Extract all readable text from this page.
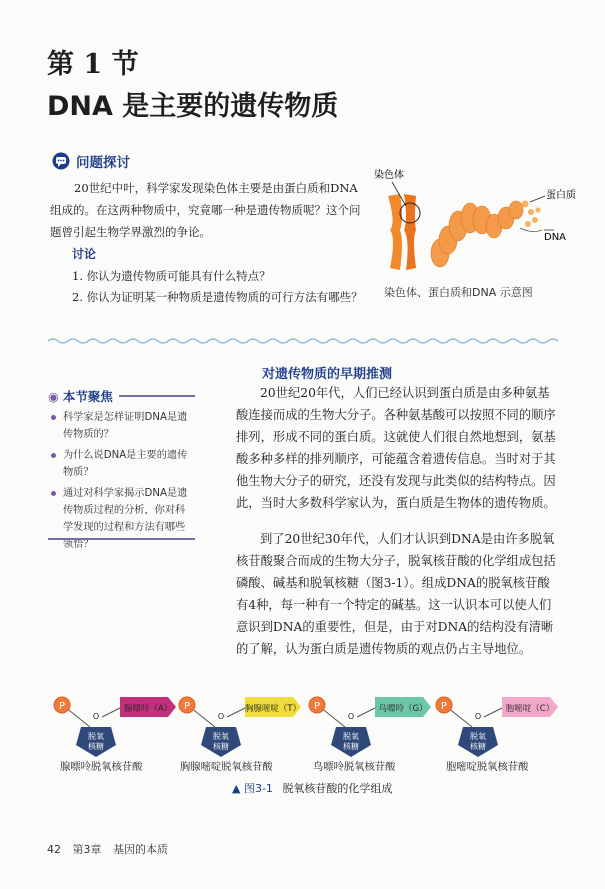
第 1 节
DNA 是主要的遗传物质
问题探讨
20世纪中叶，科学家发现染色体主要是由蛋白质和DNA组成的。在这两种物质中，究竟哪一种是遗传物质呢？这个问题曾引起生物学界激烈的争论。
讨论
1. 你认为遗传物质可能具有什么特点？
2. 你认为证明某一种物质是遗传物质的可行方法有哪些？
染色体
蛋白质
DNA
染色体、蛋白质和DNA 示意图
◉ 本节聚焦
科学家是怎样证明DNA是遗传物质的？
为什么说DNA是主要的遗传物质？
通过对科学家揭示DNA是遗传物质过程的分析，你对科学发现的过程和方法有哪些领悟？
对遗传物质的早期推测
20世纪20年代，人们已经认识到蛋白质是由多种氨基酸连接而成的生物大分子。各种氨基酸可以按照不同的顺序排列，形成不同的蛋白质。这就使人们很自然地想到，氨基酸多种多样的排列顺序，可能蕴含着遗传信息。当时对于其他生物大分子的研究，还没有发现与此类似的结构特点。因此，当时大多数科学家认为，蛋白质是生物体的遗传物质。
到了20世纪30年代，人们才认识到DNA是由许多脱氧核苷酸聚合而成的生物大分子，脱氧核苷酸的化学组成包括磷酸、碱基和脱氧核糖（图3-1）。组成DNA的脱氧核苷酸有4种，每一种有一个特定的碱基。这一认识本可以使人们意识到DNA的重要性，但是，由于对DNA的结构没有清晰的了解，认为蛋白质是遗传物质的观点仍占主导地位。
P
O
脱氧
核糖
腺嘌呤（A）
腺嘌呤脱氧核苷酸
P
O
脱氧
核糖
胸腺嘧啶（T）
胸腺嘧啶脱氧核苷酸
P
O
脱氧
核糖
鸟嘌呤（G）
鸟嘌呤脱氧核苷酸
P
O
脱氧
核糖
胞嘧啶（C）
胞嘧啶脱氧核苷酸
▲ 图3-1 脱氧核苷酸的化学组成
42 第3章 基因的本质
